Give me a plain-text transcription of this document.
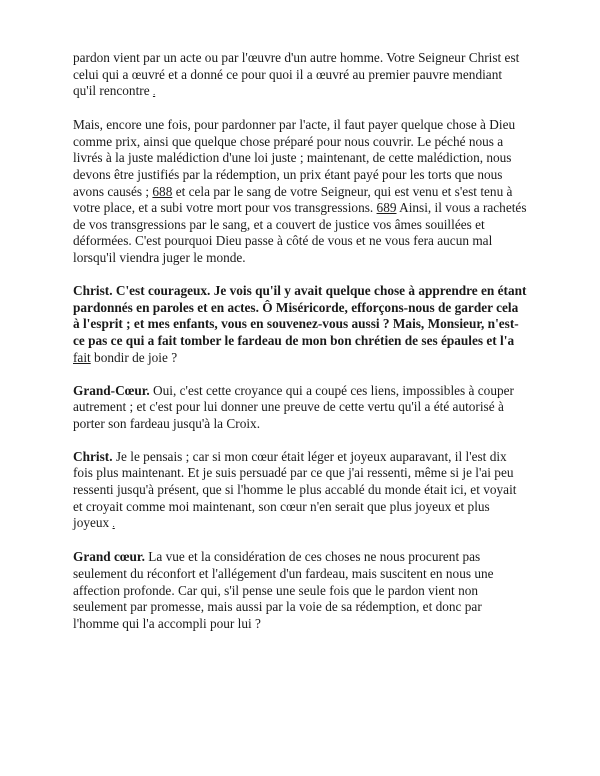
pardon vient par un acte ou par l'œuvre d'un autre homme. Votre Seigneur Christ est celui qui a œuvré et a donné ce pour quoi il a œuvré au premier pauvre mendiant qu'il rencontre .

Mais, encore une fois, pour pardonner par l'acte, il faut payer quelque chose à Dieu comme prix, ainsi que quelque chose préparé pour nous couvrir. Le péché nous a livrés à la juste malédiction d'une loi juste ; maintenant, de cette malédiction, nous devons être justifiés par la rédemption, un prix étant payé pour les torts que nous avons causés ; 688 et cela par le sang de votre Seigneur, qui est venu et s'est tenu à votre place, et a subi votre mort pour vos transgressions. 689 Ainsi, il vous a rachetés de vos transgressions par le sang, et a couvert de justice vos âmes souillées et déformées. C'est pourquoi Dieu passe à côté de vous et ne vous fera aucun mal lorsqu'il viendra juger le monde.

Christ. C'est courageux. Je vois qu'il y avait quelque chose à apprendre en étant pardonnés en paroles et en actes. Ô Miséricorde, efforçons-nous de garder cela à l'esprit ; et mes enfants, vous en souvenez-vous aussi ? Mais, Monsieur, n'est-ce pas ce qui a fait tomber le fardeau de mon bon chrétien de ses épaules et l'a fait bondir de joie ?

Grand-Cœur. Oui, c'est cette croyance qui a coupé ces liens, impossibles à couper autrement ; et c'est pour lui donner une preuve de cette vertu qu'il a été autorisé à porter son fardeau jusqu'à la Croix.

Christ. Je le pensais ; car si mon cœur était léger et joyeux auparavant, il l'est dix fois plus maintenant. Et je suis persuadé par ce que j'ai ressenti, même si je l'ai peu ressenti jusqu'à présent, que si l'homme le plus accablé du monde était ici, et voyait et croyait comme moi maintenant, son cœur n'en serait que plus joyeux et plus joyeux .

Grand cœur. La vue et la considération de ces choses ne nous procurent pas seulement du réconfort et l'allégement d'un fardeau, mais suscitent en nous une affection profonde. Car qui, s'il pense une seule fois que le pardon vient non seulement par promesse, mais aussi par la voie de sa rédemption, et donc par l'homme qui l'a accompli pour lui ?
